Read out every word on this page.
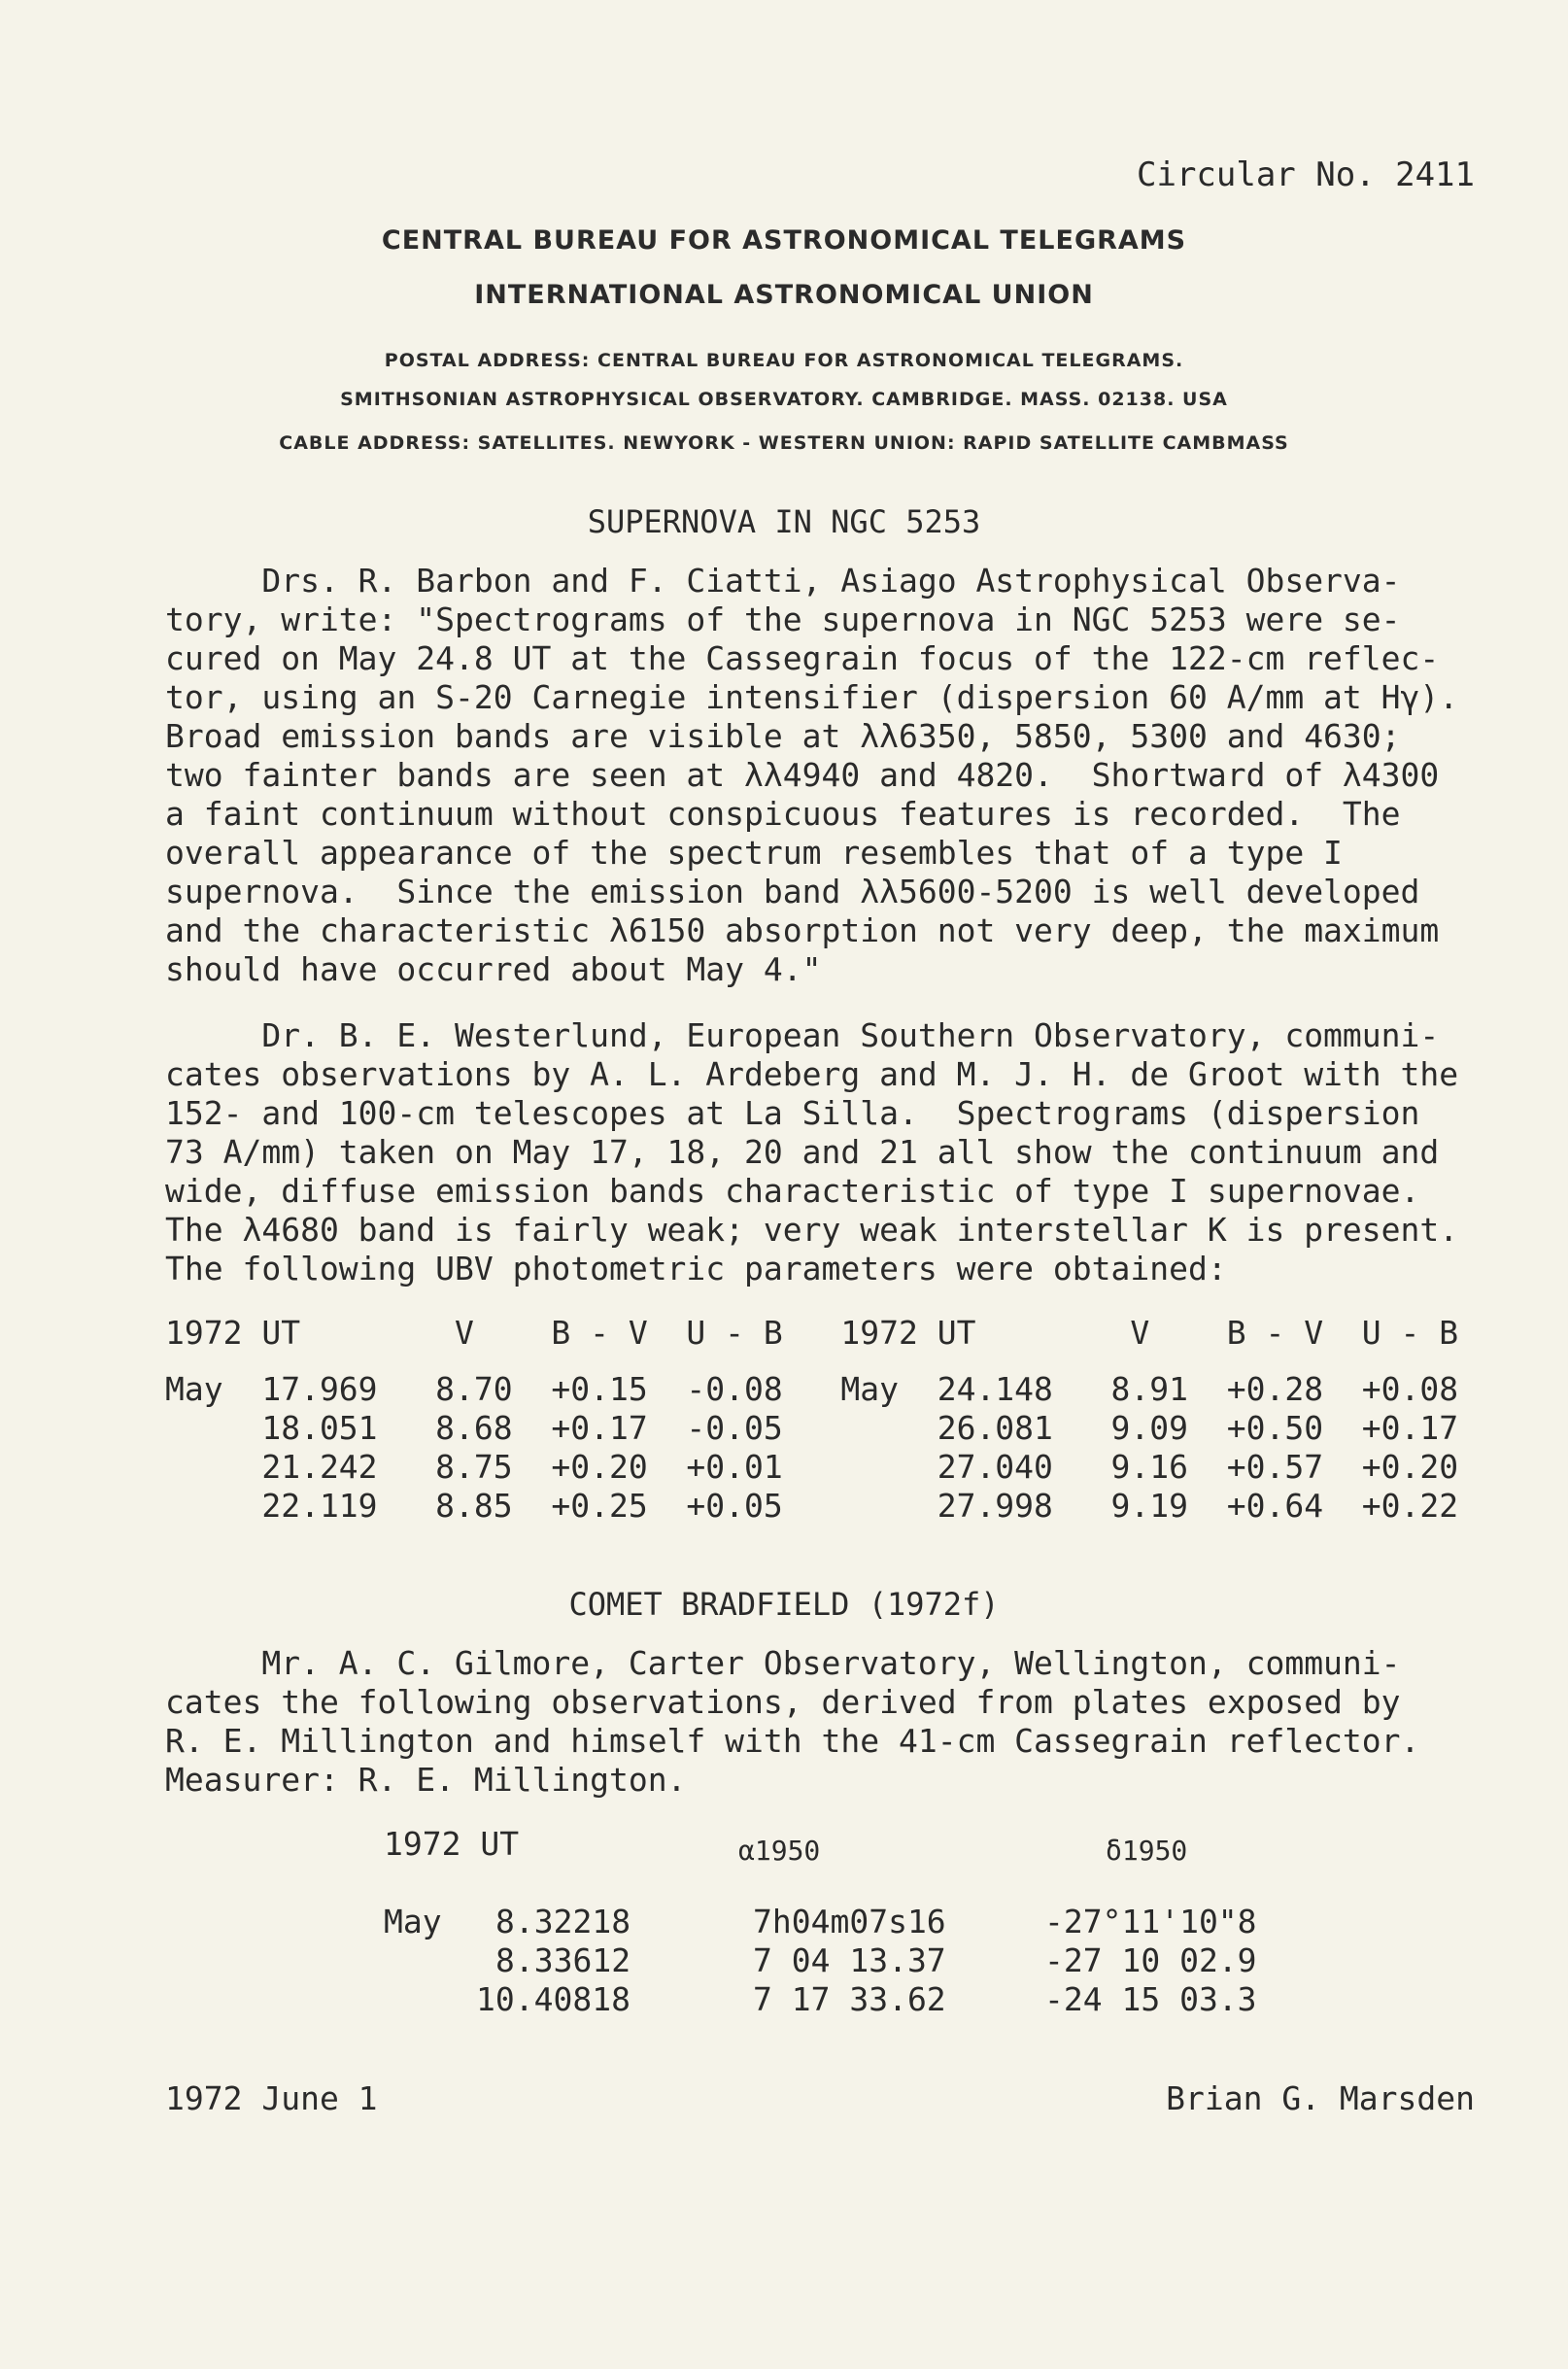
Circular No. 2411
CENTRAL BUREAU FOR ASTRONOMICAL TELEGRAMS
INTERNATIONAL ASTRONOMICAL UNION
POSTAL ADDRESS: CENTRAL BUREAU FOR ASTRONOMICAL TELEGRAMS.
SMITHSONIAN ASTROPHYSICAL OBSERVATORY. CAMBRIDGE. MASS. 02138. USA
CABLE ADDRESS: SATELLITES. NEWYORK - WESTERN UNION: RAPID SATELLITE CAMBMASS
SUPERNOVA IN NGC 5253
Drs. R. Barbon and F. Ciatti, Asiago Astrophysical Observa-
tory, write: "Spectrograms of the supernova in NGC 5253 were se-
cured on May 24.8 UT at the Cassegrain focus of the 122-cm reflec-
tor, using an S-20 Carnegie intensifier (dispersion 60 A/mm at Hγ).
Broad emission bands are visible at λλ6350, 5850, 5300 and 4630;
two fainter bands are seen at λλ4940 and 4820.  Shortward of λ4300
a faint continuum without conspicuous features is recorded.  The
overall appearance of the spectrum resembles that of a type I
supernova.  Since the emission band λλ5600-5200 is well developed
and the characteristic λ6150 absorption not very deep, the maximum
should have occurred about May 4."
Dr. B. E. Westerlund, European Southern Observatory, communi-
cates observations by A. L. Ardeberg and M. J. H. de Groot with the
152- and 100-cm telescopes at La Silla.  Spectrograms (dispersion
73 A/mm) taken on May 17, 18, 20 and 21 all show the continuum and
wide, diffuse emission bands characteristic of type I supernovae.
The λ4680 band is fairly weak; very weak interstellar K is present.
The following UBV photometric parameters were obtained:
1972 UT        V    B - V  U - B   1972 UT        V    B - V  U - B
May  17.969   8.70  +0.15  -0.08   May  24.148   8.91  +0.28  +0.08
18.051   8.68  +0.17  -0.05        26.081   9.09  +0.50  +0.17
21.242   8.75  +0.20  +0.01        27.040   9.16  +0.57  +0.20
22.119   8.85  +0.25  +0.05        27.998   9.19  +0.64  +0.22
COMET BRADFIELD (1972f)
Mr. A. C. Gilmore, Carter Observatory, Wellington, communi-
cates the following observations, derived from plates exposed by
R. E. Millington and himself with the 41-cm Cassegrain reflector.
Measurer: R. E. Millington.
1972 UT	α1950	δ1950
May 8.32218	7h04m07s16	-27°11'10"8
8.33612	7 04 13.37	-27 10 02.9
10.40818	7 17 33.62	-24 15 03.3
1972 June 1	Brian G. Marsden
